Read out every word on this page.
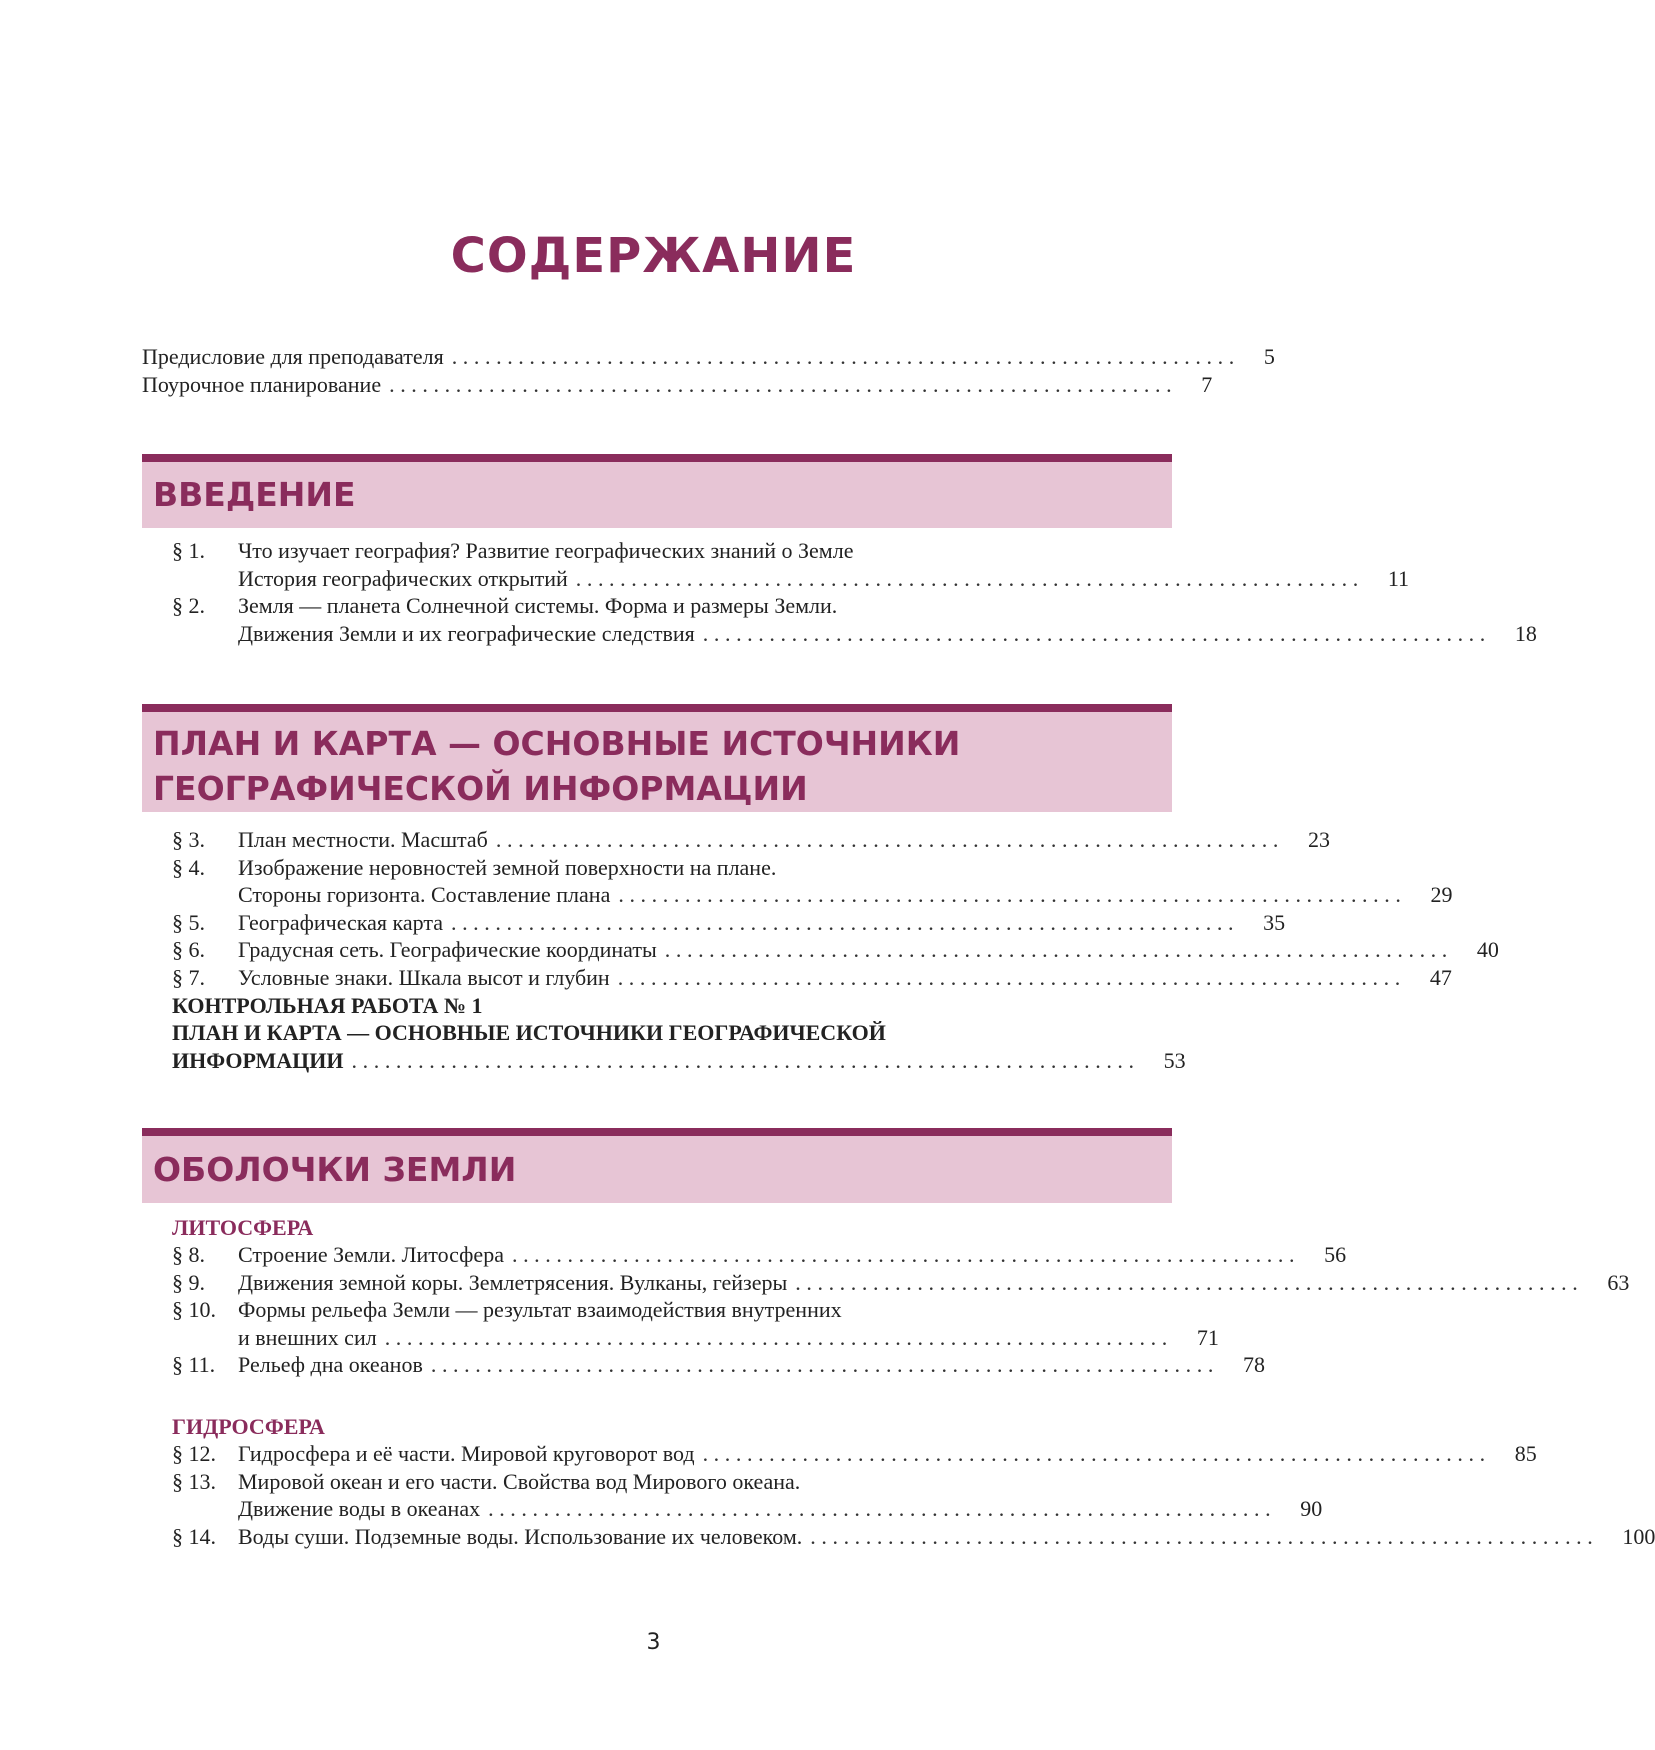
СОДЕРЖАНИЕ
Предисловие для преподавателя ....................................................................... 5
Поурочное планирование ....................................................................... 7
ВВЕДЕНИЕ
§ 1. Что изучает география? Развитие географических знаний о Земле
История географических открытий ....................................................................... 11
§ 2. Земля — планета Солнечной системы. Форма и размеры Земли.
Движения Земли и их географические следствия ....................................................................... 18
ПЛАН И КАРТА — ОСНОВНЫЕ ИСТОЧНИКИ
ГЕОГРАФИЧЕСКОЙ ИНФОРМАЦИИ
§ 3. План местности. Масштаб ....................................................................... 23
§ 4. Изображение неровностей земной поверхности на плане.
Стороны горизонта. Составление плана ....................................................................... 29
§ 5. Географическая карта ....................................................................... 35
§ 6. Градусная сеть. Географические координаты ....................................................................... 40
§ 7. Условные знаки. Шкала высот и глубин ....................................................................... 47
КОНТРОЛЬНАЯ РАБОТА № 1
ПЛАН И КАРТА — ОСНОВНЫЕ ИСТОЧНИКИ ГЕОГРАФИЧЕСКОЙ
ИНФОРМАЦИИ ....................................................................... 53
ОБОЛОЧКИ ЗЕМЛИ
ЛИТОСФЕРА
§ 8. Строение Земли. Литосфера ....................................................................... 56
§ 9. Движения земной коры. Землетрясения. Вулканы, гейзеры ....................................................................... 63
§ 10. Формы рельефа Земли — результат взаимодействия внутренних
и внешних сил ....................................................................... 71
§ 11. Рельеф дна океанов ....................................................................... 78
ГИДРОСФЕРА
§ 12. Гидросфера и её части. Мировой круговорот вод ....................................................................... 85
§ 13. Мировой океан и его части. Свойства вод Мирового океана.
Движение воды в океанах ....................................................................... 90
§ 14. Воды суши. Подземные воды. Использование их человеком. ....................................................................... 100
3
